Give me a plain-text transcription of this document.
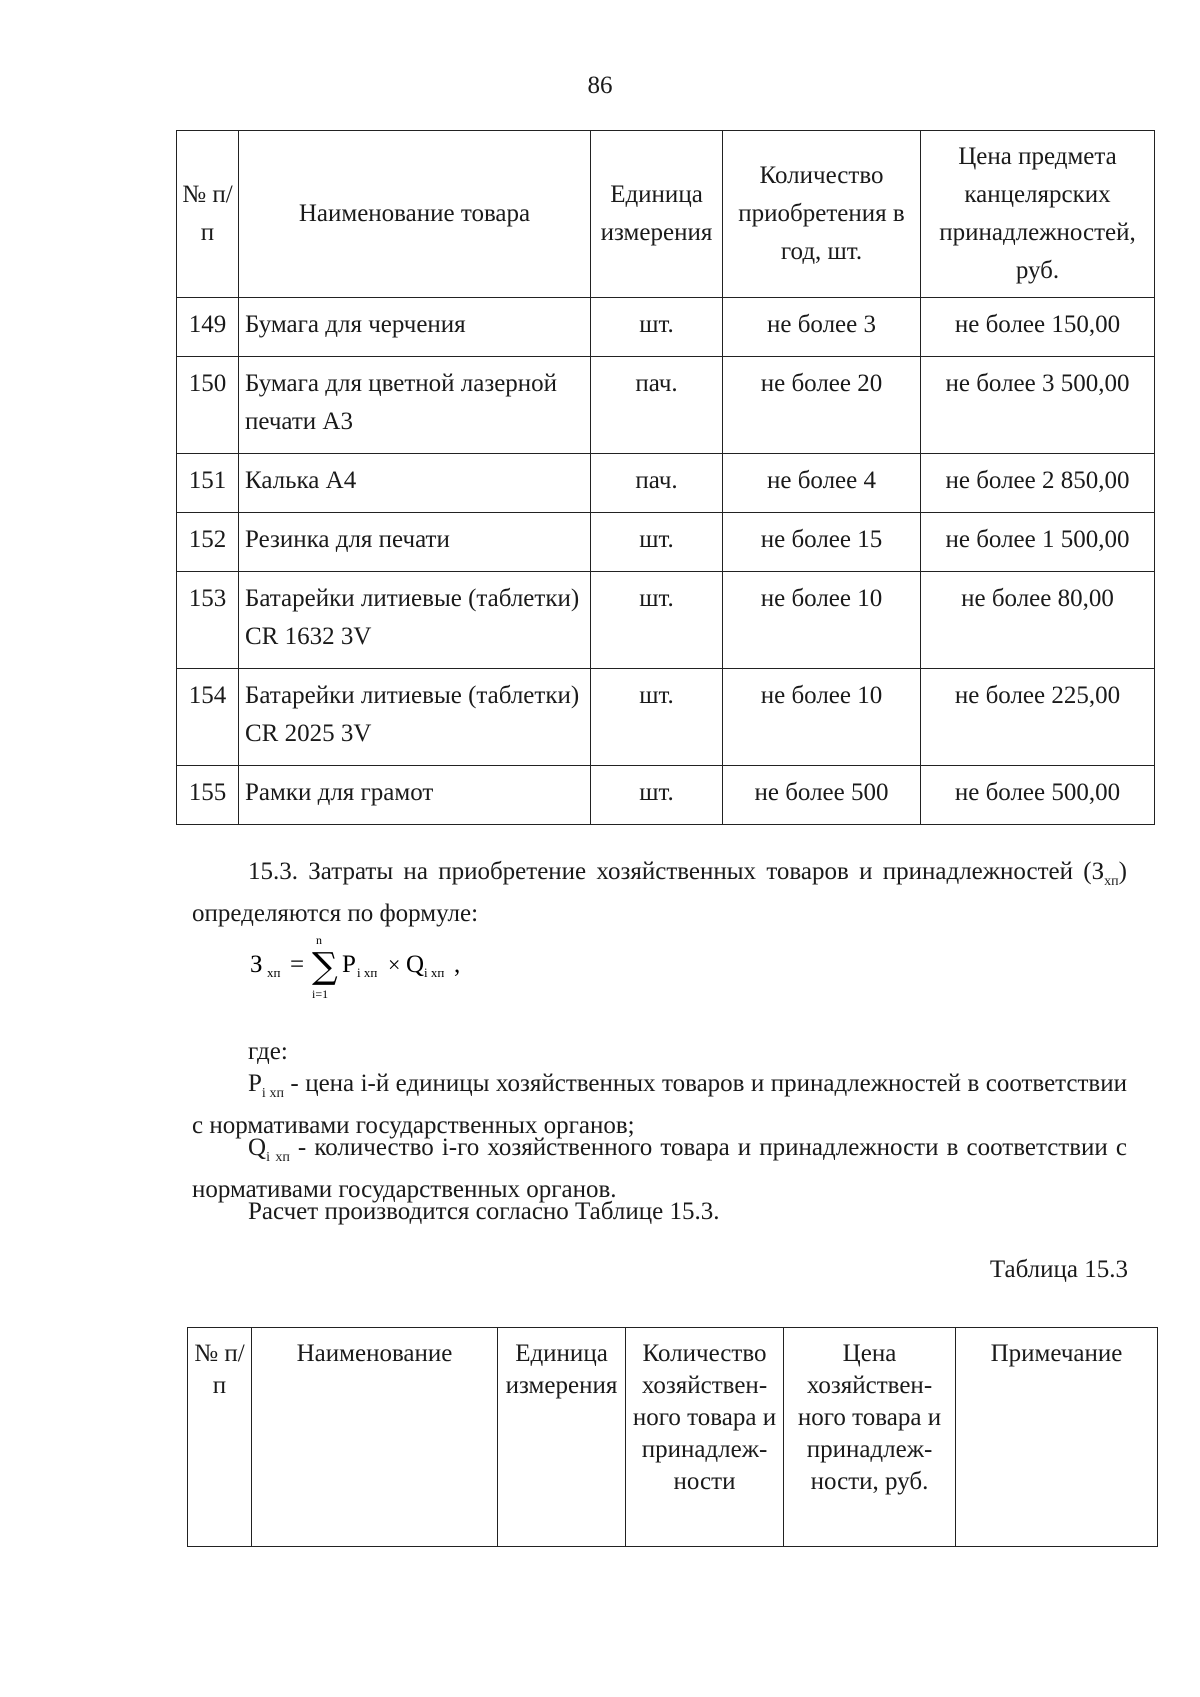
86
№ п/п	Наименование товара	Единица измерения	Количество приобретения в год, шт.	Цена предмета канцелярских принадлежностей, руб.
149	Бумага для черчения	шт.	не более 3	не более 150,00
150	Бумага для цветной лазерной печати А3	пач.	не более 20	не более 3 500,00
151	Калька А4	пач.	не более 4	не более 2 850,00
152	Резинка для печати	шт.	не более 15	не более 1 500,00
153	Батарейки литиевые (таблетки) CR 1632 3V	шт.	не более 10	не более 80,00
154	Батарейки литиевые (таблетки) CR 2025 3V	шт.	не более 10	не более 225,00
155	Рамки для грамот	шт.	не более 500	не более 500,00
15.3. Затраты на приобретение хозяйственных товаров и принадлежностей $(З_{хп})$ определяются по формуле:
З хп =
n
∑
i=1
P i хп × Q i хп ,
где:
$P_{i хп}$ - цена i-й единицы хозяйственных товаров и принадлежностей в соответствии с нормативами государственных органов;
$Q_{i хп}$ - количество i-го хозяйственного товара и принадлежности в соответствии с нормативами государственных органов.
Расчет производится согласно Таблице 15.3.
Таблица 15.3
№ п/п	Наименование	Единица измерения	Количество хозяйствен-ного товара и принадлеж-ности	Цена хозяйствен-ного товара и принадлеж-ности, руб.	Примечание
